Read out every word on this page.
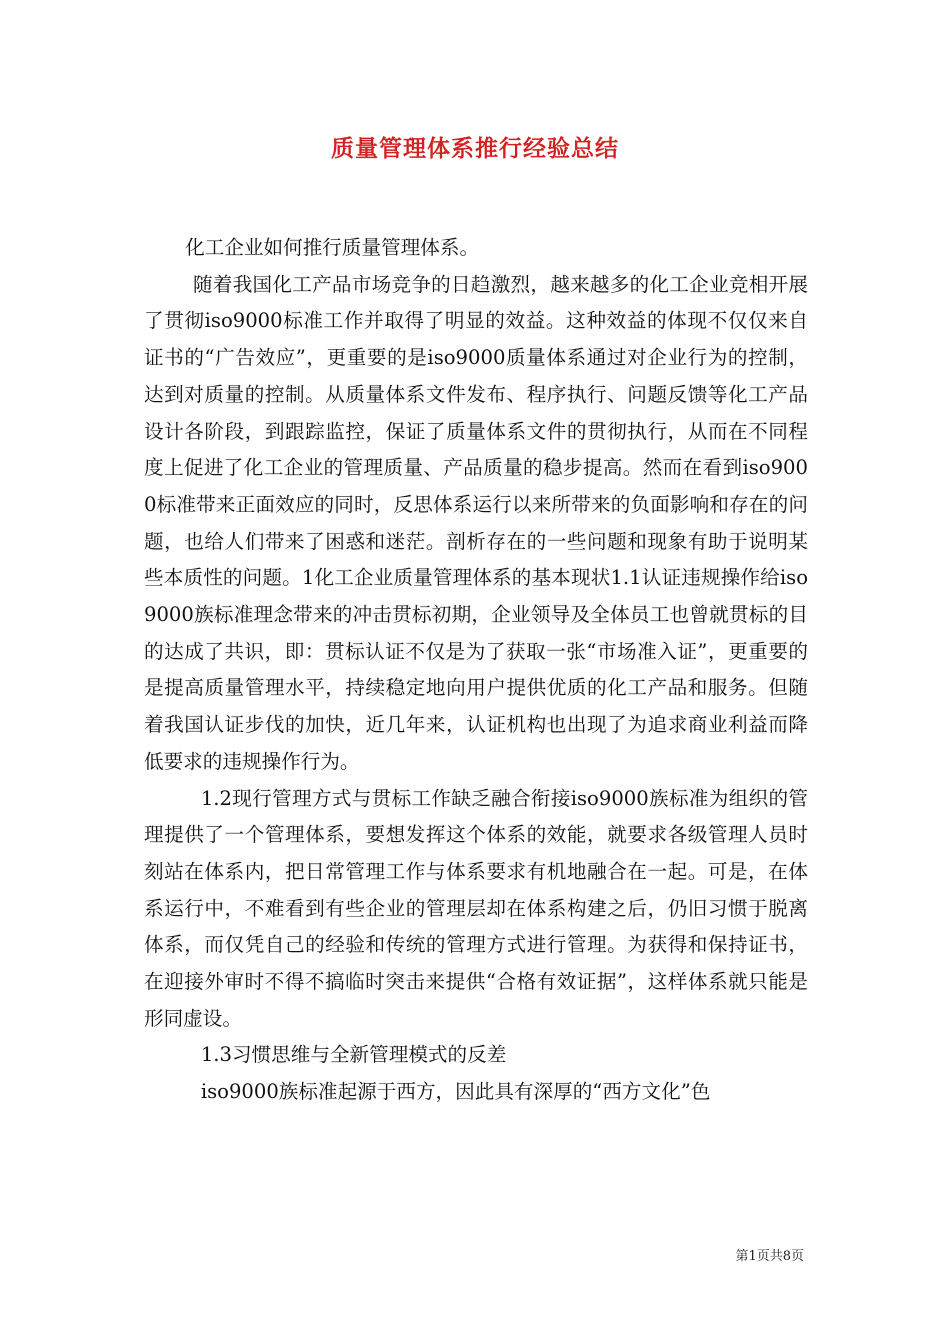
质量管理体系推行经验总结

化工企业如何推行质量管理体系。

随着我国化工产品市场竞争的日趋激烈，越来越多的化工企业竞相开展了贯彻iso9000标准工作并取得了明显的效益。这种效益的体现不仅仅来自证书的“广告效应”，更重要的是iso9000质量体系通过对企业行为的控制，达到对质量的控制。从质量体系文件发布、程序执行、问题反馈等化工产品设计各阶段，到跟踪监控，保证了质量体系文件的贯彻执行，从而在不同程度上促进了化工企业的管理质量、产品质量的稳步提高。然而在看到iso9000标准带来正面效应的同时，反思体系运行以来所带来的负面影响和存在的问题，也给人们带来了困惑和迷茫。剖析存在的一些问题和现象有助于说明某些本质性的问题。1化工企业质量管理体系的基本现状1.1认证违规操作给iso9000族标准理念带来的冲击贯标初期，企业领导及全体员工也曾就贯标的目的达成了共识，即：贯标认证不仅是为了获取一张“市场准入证”，更重要的是提高质量管理水平，持续稳定地向用户提供优质的化工产品和服务。但随着我国认证步伐的加快，近几年来，认证机构也出现了为追求商业利益而降低要求的违规操作行为。

1.2现行管理方式与贯标工作缺乏融合衔接iso9000族标准为组织的管理提供了一个管理体系，要想发挥这个体系的效能，就要求各级管理人员时刻站在体系内，把日常管理工作与体系要求有机地融合在一起。可是，在体系运行中，不难看到有些企业的管理层却在体系构建之后，仍旧习惯于脱离体系，而仅凭自己的经验和传统的管理方式进行管理。为获得和保持证书，在迎接外审时不得不搞临时突击来提供“合格有效证据”，这样体系就只能是形同虚设。

1.3习惯思维与全新管理模式的反差

iso9000族标准起源于西方，因此具有深厚的“西方文化”色

第1页共8页
